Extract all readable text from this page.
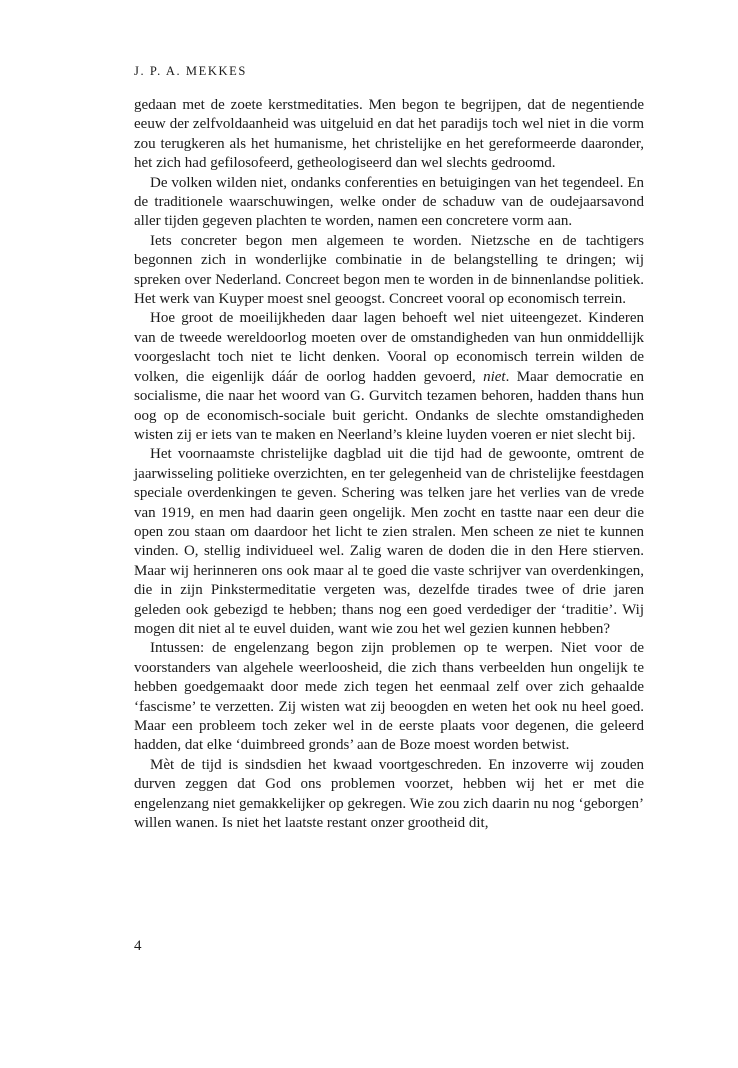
J. P. A. MEKKES

gedaan met de zoete kerstmeditaties. Men begon te begrijpen, dat de negentiende eeuw der zelfvoldaanheid was uitgeluid en dat het paradijs toch wel niet in die vorm zou terugkeren als het humanisme, het christelijke en het gereformeerde daaronder, het zich had gefilosofeerd, getheologiseerd dan wel slechts gedroomd.

De volken wilden niet, ondanks conferenties en betuigingen van het tegendeel. En de traditionele waarschuwingen, welke onder de schaduw van de oudejaarsavond aller tijden gegeven plachten te worden, namen een concretere vorm aan.

Iets concreter begon men algemeen te worden. Nietzsche en de tachtigers begonnen zich in wonderlijke combinatie in de belangstelling te dringen; wij spreken over Nederland. Concreet begon men te worden in de binnenlandse politiek. Het werk van Kuyper moest snel geoogst. Concreet vooral op economisch terrein.

Hoe groot de moeilijkheden daar lagen behoeft wel niet uiteengezet. Kinderen van de tweede wereldoorlog moeten over de omstandigheden van hun onmiddellijk voorgeslacht toch niet te licht denken. Vooral op economisch terrein wilden de volken, die eigenlijk dáár de oorlog hadden gevoerd, niet. Maar democratie en socialisme, die naar het woord van G. Gurvitch tezamen behoren, hadden thans hun oog op de economisch-sociale buit gericht. Ondanks de slechte omstandigheden wisten zij er iets van te maken en Neerland’s kleine luyden voeren er niet slecht bij.

Het voornaamste christelijke dagblad uit die tijd had de gewoonte, omtrent de jaarwisseling politieke overzichten, en ter gelegenheid van de christelijke feestdagen speciale overdenkingen te geven. Schering was telken jare het verlies van de vrede van 1919, en men had daarin geen ongelijk. Men zocht en tastte naar een deur die open zou staan om daardoor het licht te zien stralen. Men scheen ze niet te kunnen vinden. O, stellig individueel wel. Zalig waren de doden die in den Here stierven. Maar wij herinneren ons ook maar al te goed die vaste schrijver van overdenkingen, die in zijn Pinkstermeditatie vergeten was, dezelfde tirades twee of drie jaren geleden ook gebezigd te hebben; thans nog een goed verdediger der ‘traditie’. Wij mogen dit niet al te euvel duiden, want wie zou het wel gezien kunnen hebben?

Intussen: de engelenzang begon zijn problemen op te werpen. Niet voor de voorstanders van algehele weerloosheid, die zich thans verbeelden hun ongelijk te hebben goedgemaakt door mede zich tegen het eenmaal zelf over zich gehaalde ‘fascisme’ te verzetten. Zij wisten wat zij beoogden en weten het ook nu heel goed. Maar een probleem toch zeker wel in de eerste plaats voor degenen, die geleerd hadden, dat elke ‘duimbreed gronds’ aan de Boze moest worden betwist.

Mèt de tijd is sindsdien het kwaad voortgeschreden. En inzoverre wij zouden durven zeggen dat God ons problemen voorzet, hebben wij het er met die engelenzang niet gemakkelijker op gekregen. Wie zou zich daarin nu nog ‘geborgen’ willen wanen. Is niet het laatste restant onzer grootheid dit,

4
